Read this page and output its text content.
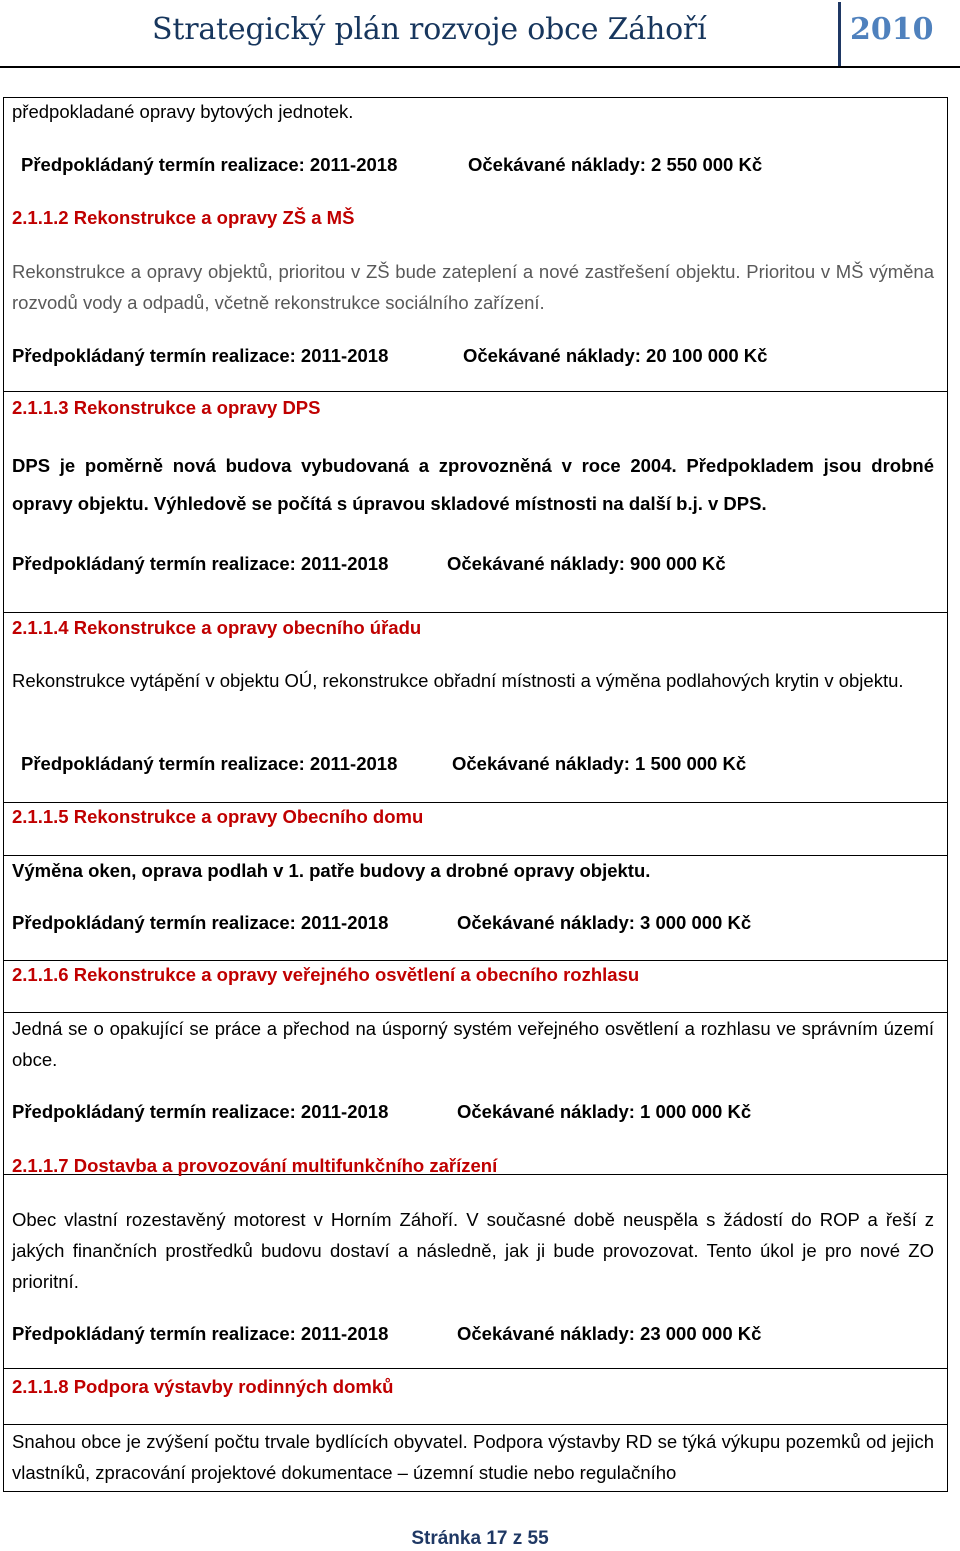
Strategický plán rozvoje obce Záhoří	2010
předpokladané opravy bytových jednotek.
Předpokládaný termín realizace: 2011-2018	Očekávané náklady: 2 550 000 Kč
2.1.1.2 Rekonstrukce a opravy ZŠ a MŠ
Rekonstrukce a opravy objektů, prioritou v ZŠ bude zateplení a nové zastřešení objektu. Prioritou v MŠ výměna rozvodů vody a odpadů, včetně rekonstrukce sociálního zařízení.
Předpokládaný termín realizace: 2011-2018	Očekávané náklady: 20 100 000 Kč
2.1.1.3 Rekonstrukce a opravy DPS
DPS je poměrně nová budova vybudovaná a zprovozněná v roce 2004. Předpokladem jsou drobné opravy objektu. Výhledově se počítá s úpravou skladové místnosti na další b.j. v DPS.
Předpokládaný termín realizace: 2011-2018	Očekávané náklady: 900 000 Kč
2.1.1.4 Rekonstrukce a opravy obecního úřadu
Rekonstrukce vytápění v objektu OÚ, rekonstrukce obřadní místnosti a výměna podlahových krytin v objektu.
Předpokládaný termín realizace: 2011-2018	Očekávané náklady: 1 500 000 Kč
2.1.1.5 Rekonstrukce a opravy Obecního domu
Výměna oken, oprava podlah v 1. patře budovy a drobné opravy objektu.
Předpokládaný termín realizace: 2011-2018	Očekávané náklady: 3 000 000 Kč
2.1.1.6 Rekonstrukce a opravy veřejného osvětlení a obecního rozhlasu
Jedná se o opakující se práce a přechod na úsporný systém veřejného osvětlení a rozhlasu ve správním území obce.
Předpokládaný termín realizace: 2011-2018	Očekávané náklady: 1 000 000 Kč
2.1.1.7 Dostavba a provozování multifunkčního zařízení
Obec vlastní rozestavěný motorest v Horním Záhoří. V současné době neuspěla s žádostí do ROP a řeší z jakých finančních prostředků budovu dostaví a následně, jak ji bude provozovat. Tento úkol je pro nové ZO prioritní.
Předpokládaný termín realizace: 2011-2018	Očekávané náklady: 23 000 000 Kč
2.1.1.8 Podpora výstavby rodinných domků
Snahou obce je zvýšení počtu trvale bydlících obyvatel. Podpora výstavby RD se týká výkupu pozemků od jejich vlastníků, zpracování projektové dokumentace – územní studie nebo regulačního
Stránka 17 z 55
